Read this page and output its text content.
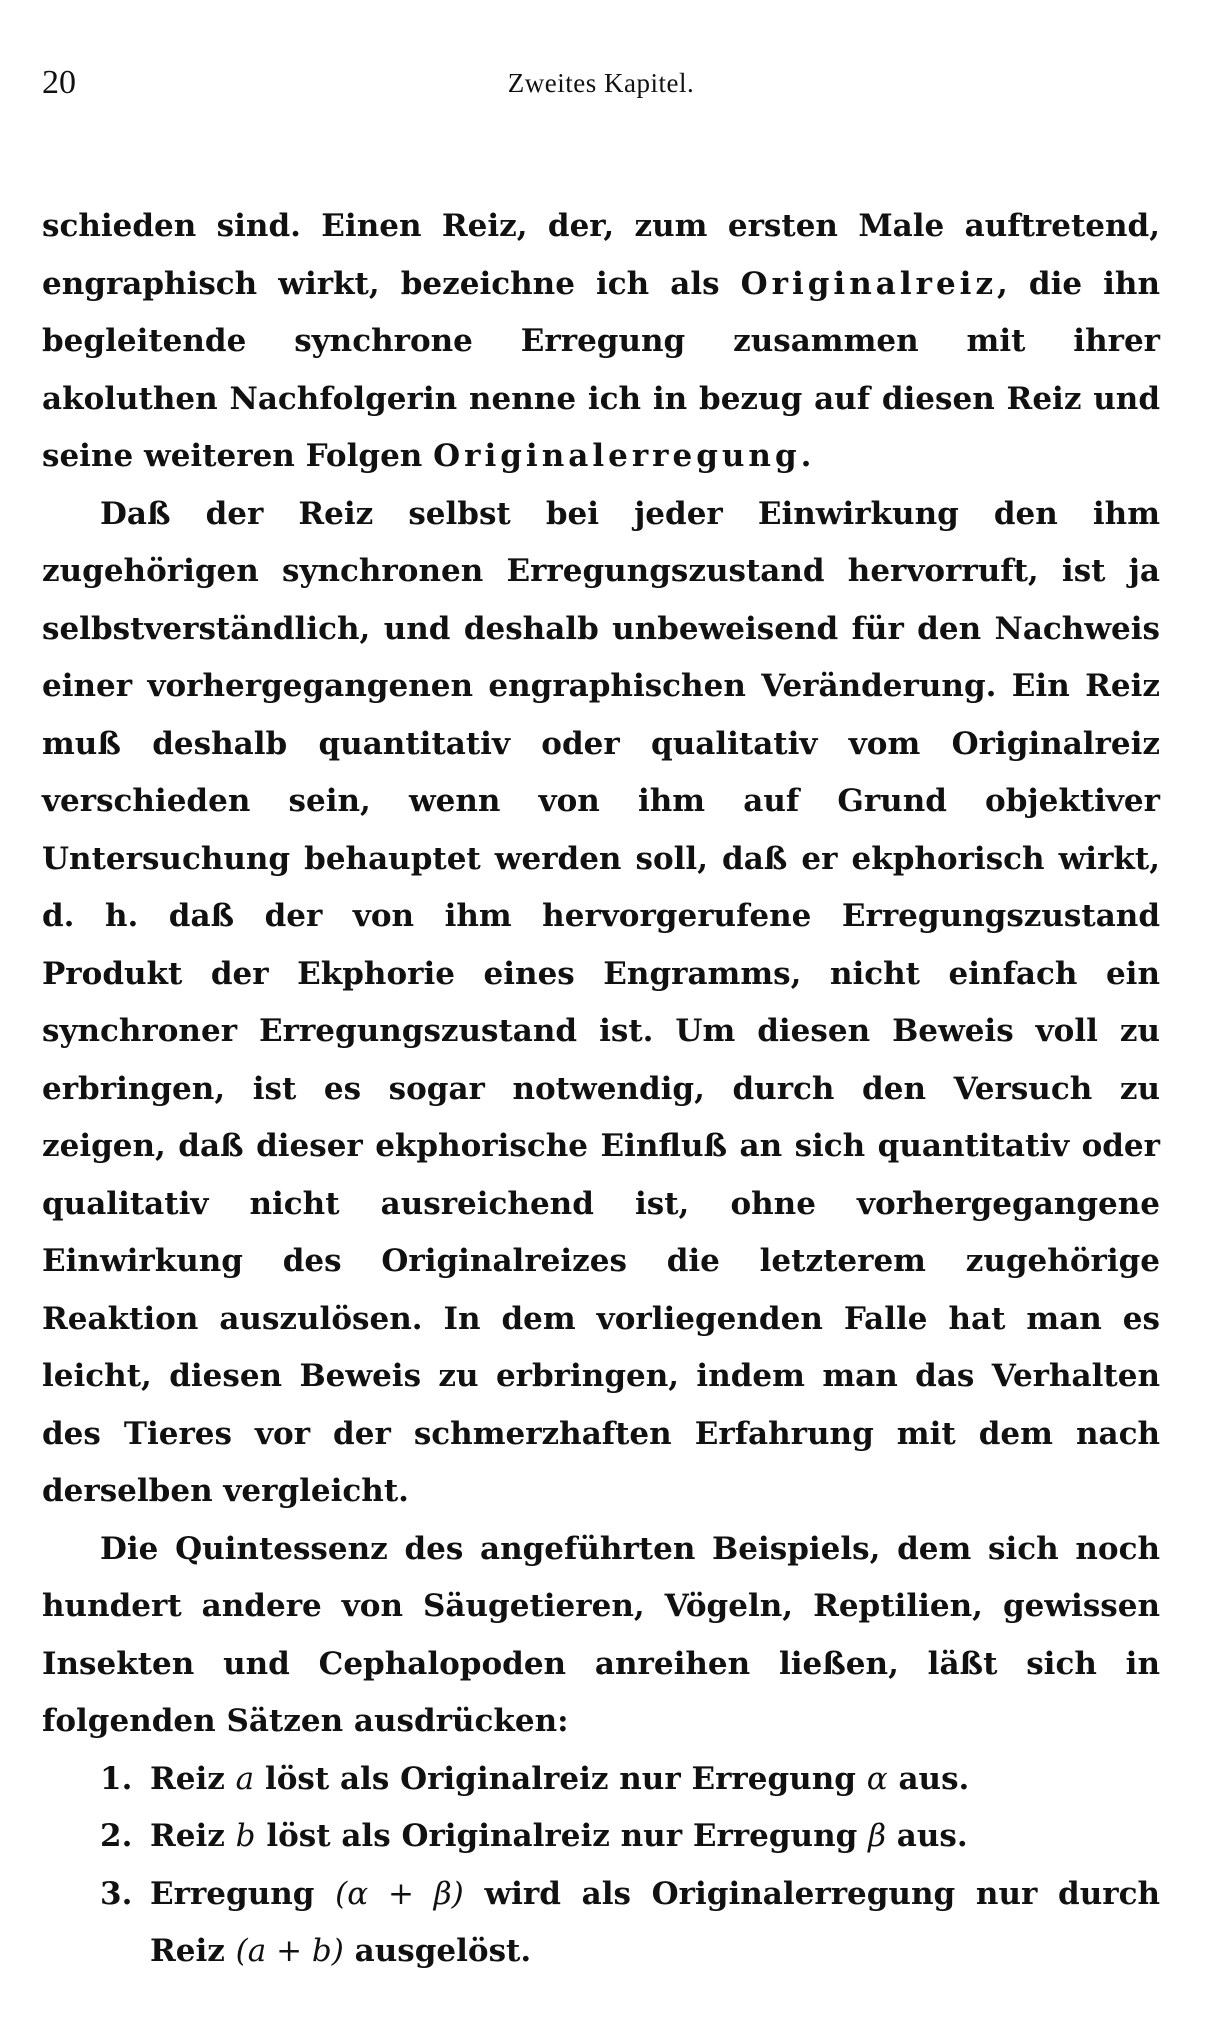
20	Zweites Kapitel.

schieden sind. Einen Reiz, der, zum ersten Male auftretend, engraphisch wirkt, bezeichne ich als Originalreiz, die ihn begleitende synchrone Erregung zusammen mit ihrer akoluthen Nachfolgerin nenne ich in bezug auf diesen Reiz und seine weiteren Folgen Originalerregung.

Daß der Reiz selbst bei jeder Einwirkung den ihm zugehörigen synchronen Erregungszustand hervorruft, ist ja selbstverständlich, und deshalb unbeweisend für den Nachweis einer vorhergegangenen engraphischen Veränderung. Ein Reiz muß deshalb quantitativ oder qualitativ vom Originalreiz verschieden sein, wenn von ihm auf Grund objektiver Untersuchung behauptet werden soll, daß er ekphorisch wirkt, d. h. daß der von ihm hervorgerufene Erregungszustand Produkt der Ekphorie eines Engramms, nicht einfach ein synchroner Erregungszustand ist. Um diesen Beweis voll zu erbringen, ist es sogar notwendig, durch den Versuch zu zeigen, daß dieser ekphorische Einfluß an sich quantitativ oder qualitativ nicht ausreichend ist, ohne vorhergegangene Einwirkung des Originalreizes die letzterem zugehörige Reaktion auszulösen. In dem vorliegenden Falle hat man es leicht, diesen Beweis zu erbringen, indem man das Verhalten des Tieres vor der schmerzhaften Erfahrung mit dem nach derselben vergleicht.

Die Quintessenz des angeführten Beispiels, dem sich noch hundert andere von Säugetieren, Vögeln, Reptilien, gewissen Insekten und Cephalopoden anreihen ließen, läßt sich in folgenden Sätzen ausdrücken:

1. Reiz a löst als Originalreiz nur Erregung α aus.
2. Reiz b löst als Originalreiz nur Erregung β aus.
3. Erregung (α + β) wird als Originalerregung nur durch Reiz (a + b) ausgelöst.
